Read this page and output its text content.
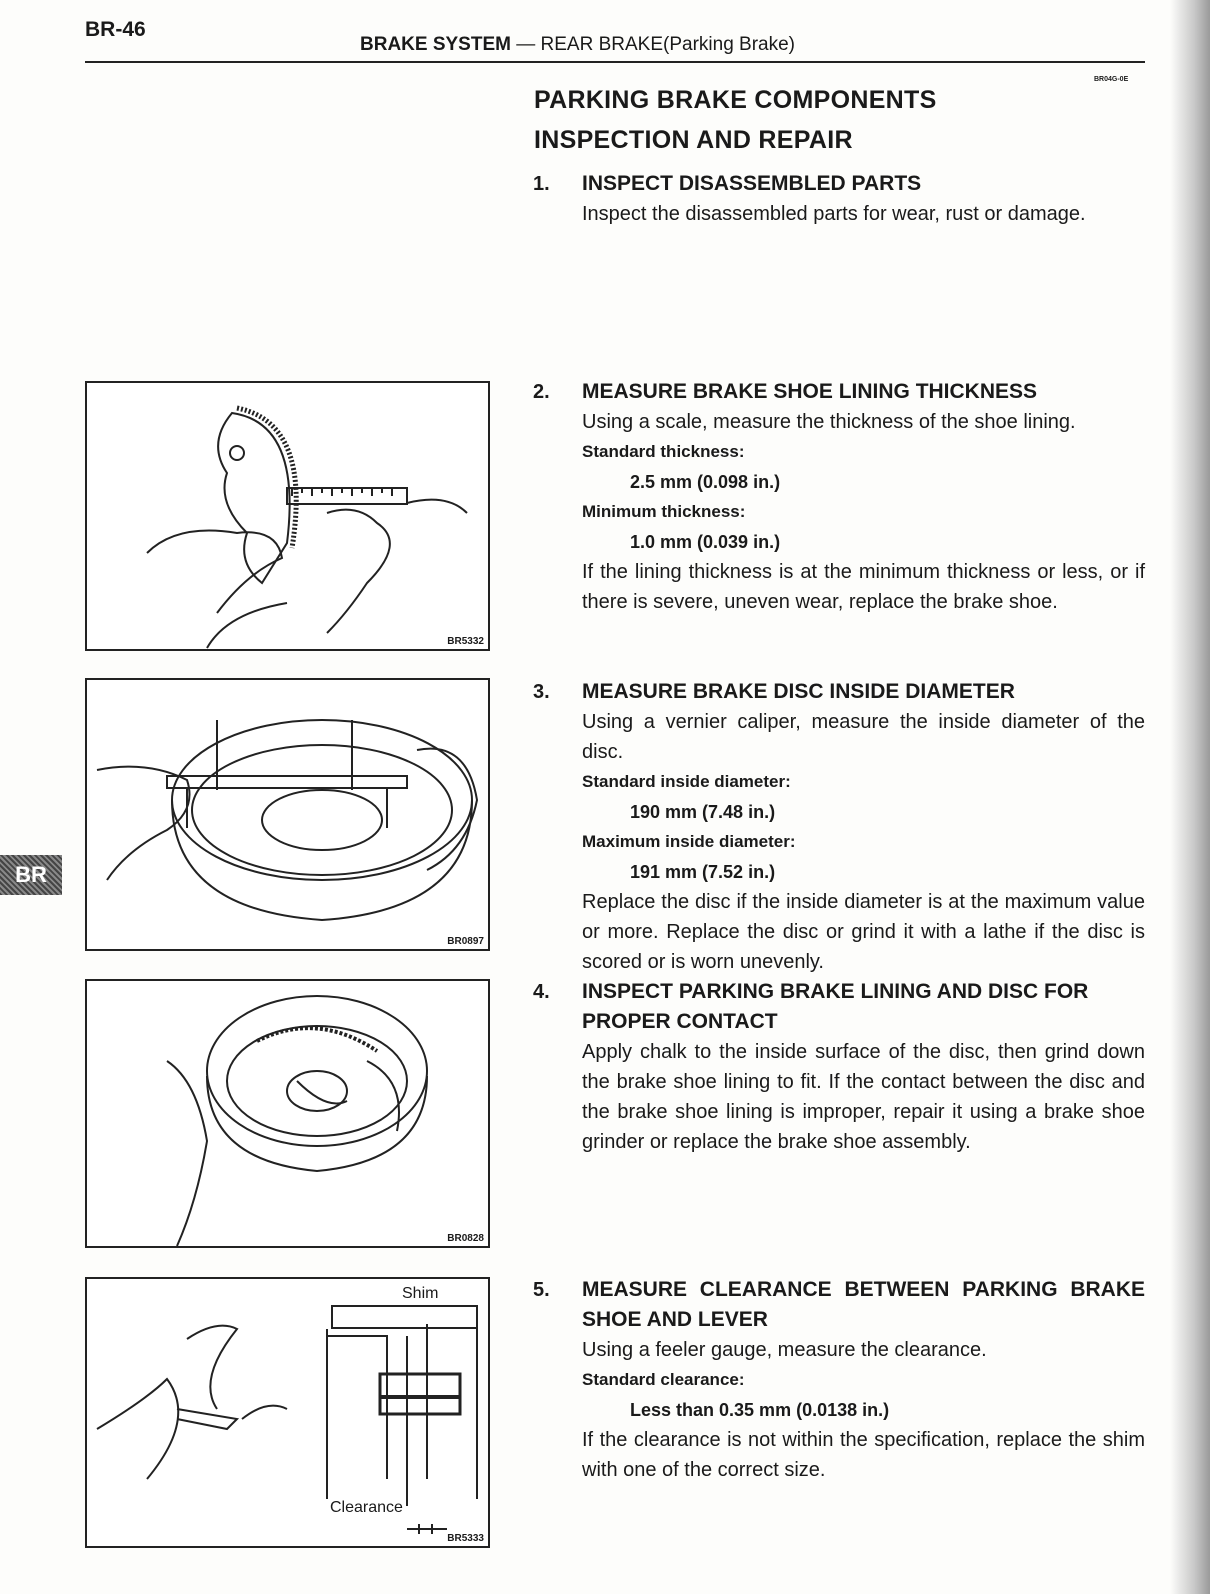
BR-46
BRAKE SYSTEM — REAR BRAKE(Parking Brake)
BR04G-0E
BR
PARKING BRAKE COMPONENTS
INSPECTION AND REPAIR
1. INSPECT DISASSEMBLED PARTS

Inspect the disassembled parts for wear, rust or damage.

2. MEASURE BRAKE SHOE LINING THICKNESS

Using a scale, measure the thickness of the shoe lining.

Standard thickness:
2.5 mm (0.098 in.)
Minimum thickness:
1.0 mm (0.039 in.)

If the lining thickness is at the minimum thickness or less, or if there is severe, uneven wear, replace the brake shoe.

3. MEASURE BRAKE DISC INSIDE DIAMETER

Using a vernier caliper, measure the inside diameter of the disc.

Standard inside diameter:
190 mm (7.48 in.)
Maximum inside diameter:
191 mm (7.52 in.)

Replace the disc if the inside diameter is at the maximum value or more. Replace the disc or grind it with a lathe if the disc is scored or is worn unevenly.

4. INSPECT PARKING BRAKE LINING AND DISC FOR PROPER CONTACT

Apply chalk to the inside surface of the disc, then grind down the brake shoe lining to fit. If the contact between the disc and the brake shoe lining is improper, repair it using a brake shoe grinder or replace the brake shoe assembly.

5. MEASURE CLEARANCE BETWEEN PARKING BRAKE SHOE AND LEVER

Using a feeler gauge, measure the clearance.

Standard clearance:
Less than 0.35 mm (0.0138 in.)

If the clearance is not within the specification, replace the shim with one of the correct size.

BR5332
BR0897
BR0828
Shim
Clearance
BR5333
